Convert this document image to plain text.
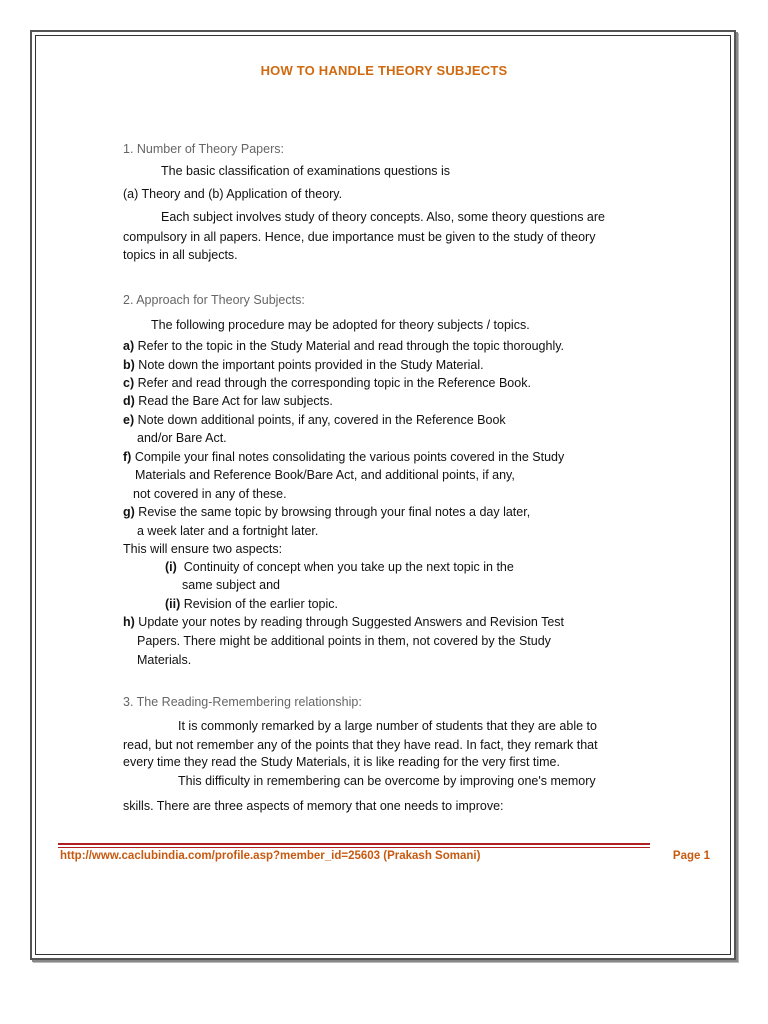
HOW TO HANDLE THEORY SUBJECTS
1. Number of Theory Papers:
The basic classification of examinations questions is
(a) Theory and (b) Application of theory.
Each subject involves study of theory concepts. Also, some theory questions are
compulsory in all papers. Hence, due importance must be given to the study of theory
topics in all subjects.
2. Approach for Theory Subjects:
The following procedure may be adopted for theory subjects / topics.
a) Refer to the topic in the Study Material and read through the topic thoroughly.
b) Note down the important points provided in the Study Material.
c) Refer and read through the corresponding topic in the Reference Book.
d) Read the Bare Act for law subjects.
e) Note down additional points, if any, covered in the Reference Book
and/or Bare Act.
f) Compile your final notes consolidating the various points covered in the Study
Materials and Reference Book/Bare Act, and additional points, if any,
not covered in any of these.
g) Revise the same topic by browsing through your final notes a day later,
a week later and a fortnight later.
This will ensure two aspects:
(i) Continuity of concept when you take up the next topic in the
same subject and
(ii) Revision of the earlier topic.
h) Update your notes by reading through Suggested Answers and Revision Test
Papers. There might be additional points in them, not covered by the Study
Materials.
3. The Reading-Remembering relationship:
It is commonly remarked by a large number of students that they are able to
read, but not remember any of the points that they have read. In fact, they remark that
every time they read the Study Materials, it is like reading for the very first time.
This difficulty in remembering can be overcome by improving one's memory
skills. There are three aspects of memory that one needs to improve:
http://www.caclubindia.com/profile.asp?member_id=25603 (Prakash Somani)	Page 1
